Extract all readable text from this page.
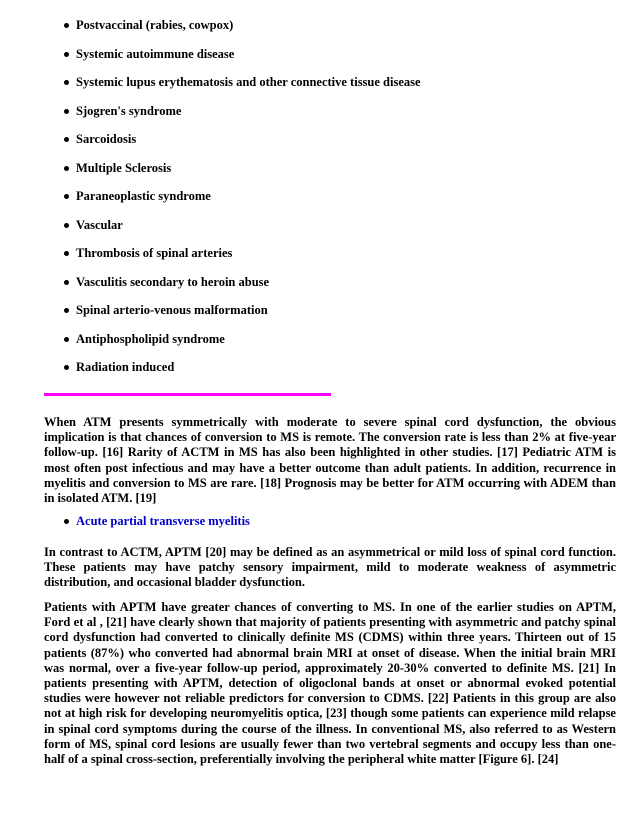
Postvaccinal (rabies, cowpox)
Systemic autoimmune disease
Systemic lupus erythematosis and other connective tissue disease
Sjogren's syndrome
Sarcoidosis
Multiple Sclerosis
Paraneoplastic syndrome
Vascular
Thrombosis of spinal arteries
Vasculitis secondary to heroin abuse
Spinal arterio-venous malformation
Antiphospholipid syndrome
Radiation induced

When ATM presents symmetrically with moderate to severe spinal cord dysfunction, the obvious implication is that chances of conversion to MS is remote. The conversion rate is less than 2% at five-year follow-up. [16] Rarity of ACTM in MS has also been highlighted in other studies. [17] Pediatric ATM is most often post infectious and may have a better outcome than adult patients. In addition, recurrence in myelitis and conversion to MS are rare. [18] Prognosis may be better for ATM occurring with ADEM than in isolated ATM. [19]

Acute partial transverse myelitis

In contrast to ACTM, APTM [20] may be defined as an asymmetrical or mild loss of spinal cord function. These patients may have patchy sensory impairment, mild to moderate weakness of asymmetric distribution, and occasional bladder dysfunction.

Patients with APTM have greater chances of converting to MS. In one of the earlier studies on APTM, Ford et al , [21] have clearly shown that majority of patients presenting with asymmetric and patchy spinal cord dysfunction had converted to clinically definite MS (CDMS) within three years. Thirteen out of 15 patients (87%) who converted had abnormal brain MRI at onset of disease. When the initial brain MRI was normal, over a five-year follow-up period, approximately 20-30% converted to definite MS. [21] In patients presenting with APTM, detection of oligoclonal bands at onset or abnormal evoked potential studies were however not reliable predictors for conversion to CDMS. [22] Patients in this group are also not at high risk for developing neuromyelitis optica, [23] though some patients can experience mild relapse in spinal cord symptoms during the course of the illness. In conventional MS, also referred to as Western form of MS, spinal cord lesions are usually fewer than two vertebral segments and occupy less than one-half of a spinal cross-section, preferentially involving the peripheral white matter [Figure 6]. [24]
